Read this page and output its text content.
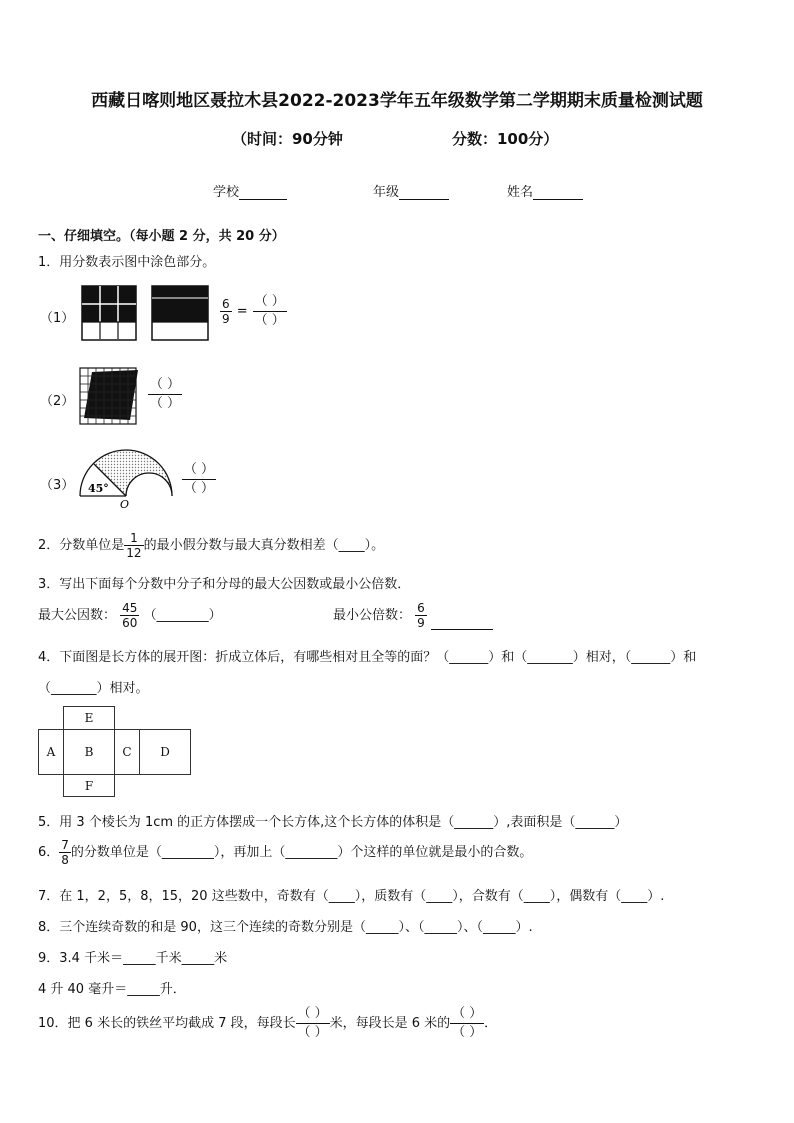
西藏日喀则地区聂拉木县2022-2023学年五年级数学第二学期期末质量检测试题
（时间：90分钟	分数：100分）
学校	年级	姓名
一、仔细填空。（每小题 2 分，共 20 分）
1．用分数表示图中涂色部分。
（1）	$\frac{6}{9}$ =
（ ）
（ ）
（2）
（ ）
（ ）
（3） 45°
O
（ ）
（ ）
2．分数单位是 $\frac{1}{12}$ 的最小假分数与最大真分数相差（____）。
3．写出下面每个分数中分子和分母的最大公因数或最小公倍数．
最大公因数： $\frac{45}{60}$ （________）	最小公倍数： $\frac{6}{9}$

4．下面图是长方体的展开图：折成立体后，有哪些相对且全等的面？（______）和（_______）相对，（______）和
（_______）相对。
E
A	B	C	D
F
5．用 3 个棱长为 1cm 的正方体摆成一个长方体,这个长方体的体积是（______）,表面积是（______）
6． $\frac{7}{8}$ 的分数单位是（________），再加上（________）个这样的单位就是最小的合数。
7．在 1，2，5，8，15，20 这些数中，奇数有（____），质数有（____），合数有（____），偶数有（____）.
8．三个连续奇数的和是 90，这三个连续的奇数分别是（_____）、（_____）、（_____）.
9．3.4 千米＝_____千米_____米
4 升 40 毫升＝_____升．
10．把 6 米长的铁丝平均截成 7 段，每段长
（ ）
（ ）
米，每段长是 6 米的
（ ）
（ ）
．
